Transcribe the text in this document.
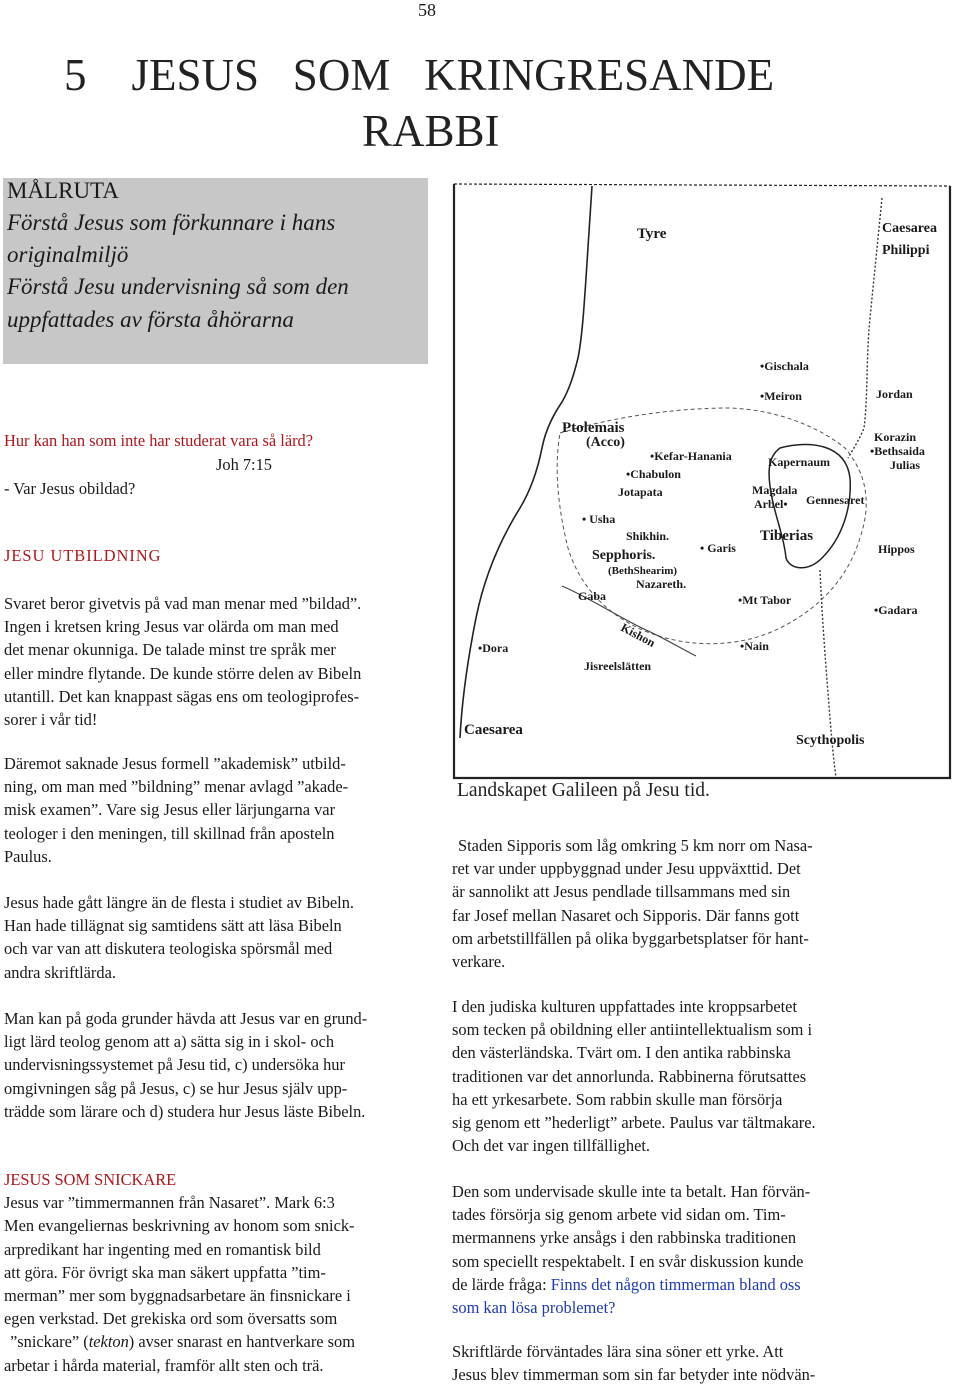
58
5    JESUS   SOM   KRINGRESANDE
RABBI
MÅLRUTA
Förstå Jesus som förkunnare i hans
originalmiljö
Förstå Jesu undervisning så som den
uppfattades av första åhörarna
Hur kan han som inte har studerat vara så lärd?
Joh 7:15
- Var Jesus obildad?
JESU UTBILDNING
Svaret beror givetvis på vad man menar med ”bildad”.
Ingen i kretsen kring Jesus var olärda om man med
det menar okunniga. De talade minst tre språk mer
eller mindre flytande. De kunde större delen av Bibeln
utantill. Det kan knappast sägas ens om teologiprofes-
sorer i vår tid!
Däremot saknade Jesus formell ”akademisk” utbild-
ning, om man med ”bildning” menar avlagd ”akade-
misk examen”. Vare sig Jesus eller lärjungarna var
teologer i den meningen, till skillnad från aposteln
Paulus.
Jesus hade gått längre än de flesta i studiet av Bibeln.
Han hade tillägnat sig samtidens sätt att läsa Bibeln
och var van att diskutera teologiska spörsmål med
andra skriftlärda.
Man kan på goda grunder hävda att Jesus var en grund-
ligt lärd teolog genom att a) sätta sig in i skol- och
undervisningssystemet på Jesu tid, c) undersöka hur
omgivningen såg på Jesus, c) se hur Jesus själv upp-
trädde som lärare och d) studera hur Jesus läste Bibeln.
JESUS SOM SNICKARE
Jesus var ”timmermannen från Nasaret”. Mark 6:3
Men evangeliernas beskrivning av honom som snick-
arpredikant har ingenting med en romantisk bild
att göra. För övrigt ska man säkert uppfatta ”tim-
merman” mer som byggnadsarbetare än finsnickare i
egen verkstad. Det grekiska ord som översatts som
”snickare” (tekton) avser snarast en hantverkare som
arbetar i hårda material, framför allt sten och trä.
Tyre	Caesarea
Philippi
•Gischala
•Meiron	Jordan
Ptolemais
(Acco)
•Kefar-Hanania
•Chabulon
Jotapata
Kapernaum
Korazin
•Bethsaida
Julias
Magdala
Arbel• Gennesaret
• Usha
Shikhin.
Sepphoris.
(BethShearim)
Nazareth.
• Garis
Tiberias
Hippos
Gaba
Kishon
•Mt Tabor
•Gadara
•Dora	•Nain
Jisreelslätten
Caesarea
Scythopolis
Landskapet Galileen på Jesu tid.
Staden Sipporis som låg omkring 5 km norr om Nasa-
ret var under uppbyggnad under Jesu uppväxttid. Det
är sannolikt att Jesus pendlade tillsammans med sin
far Josef mellan Nasaret och Sipporis. Där fanns gott
om arbetstillfällen på olika byggarbetsplatser för hant-
verkare.
I den judiska kulturen uppfattades inte kroppsarbetet
som tecken på obildning eller antiintellektualism som i
den västerländska. Tvärt om. I den antika rabbinska
traditionen var det annorlunda. Rabbinerna förutsattes
ha ett yrkesarbete. Som rabbin skulle man försörja
sig genom ett ”hederligt” arbete. Paulus var tältmakare.
Och det var ingen tillfällighet.
Den som undervisade skulle inte ta betalt. Han förvän-
tades försörja sig genom arbete vid sidan om. Tim-
mermannens yrke ansågs i den rabbinska traditionen
som speciellt respektabelt. I en svår diskussion kunde
de lärde fråga: Finns det någon timmerman bland oss
som kan lösa problemet?
Skriftlärde förväntades lära sina söner ett yrke. Att
Jesus blev timmerman som sin far betyder inte nödvän-
